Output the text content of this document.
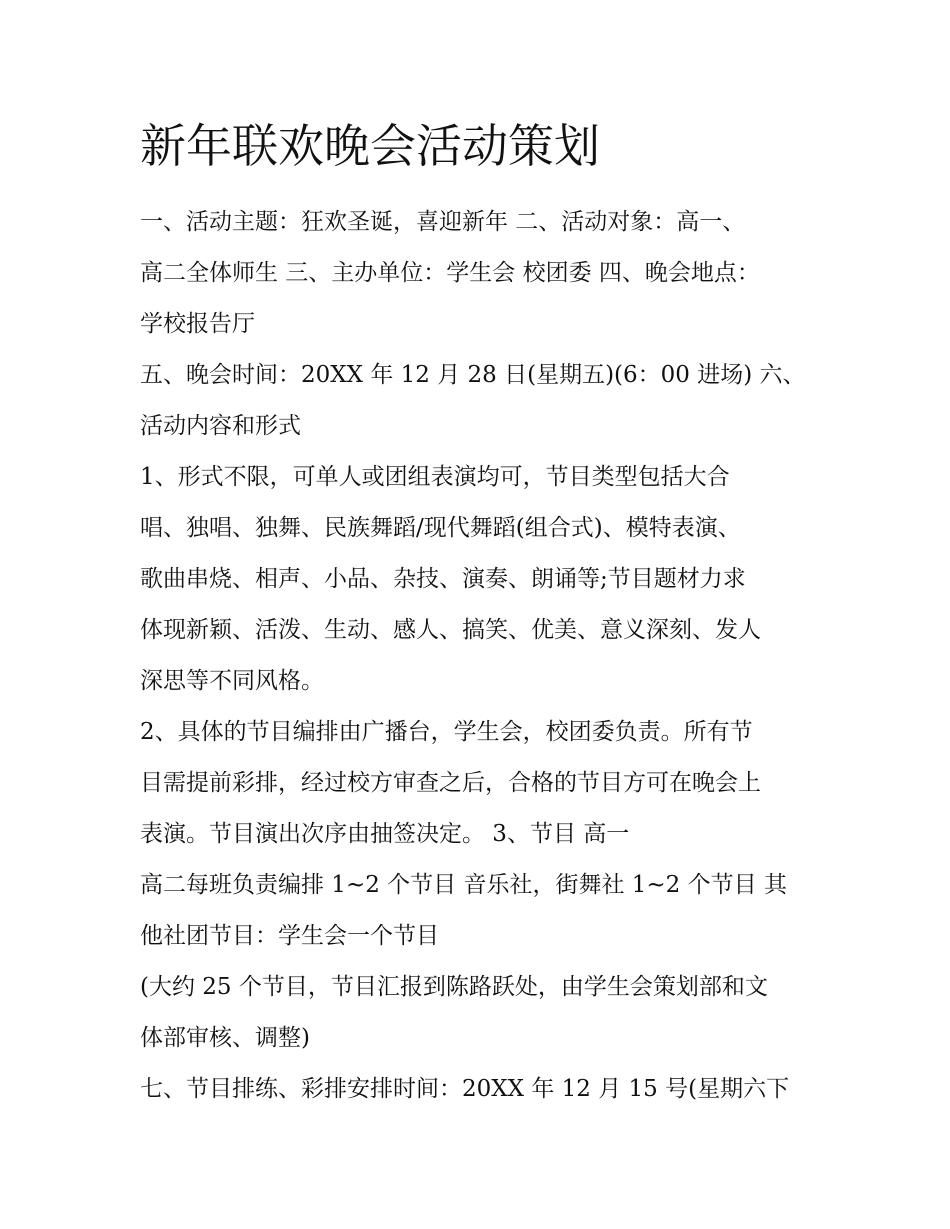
新年联欢晚会活动策划

一、活动主题：狂欢圣诞，喜迎新年 二、活动对象：高一、

高二全体师生 三、主办单位：学生会 校团委 四、晚会地点：

学校报告厅

五、晚会时间：20XX 年 12 月 28 日(星期五)(6：00 进场) 六、

活动内容和形式

1、形式不限，可单人或团组表演均可，节目类型包括大合

唱、独唱、独舞、民族舞蹈/现代舞蹈(组合式)、模特表演、

歌曲串烧、相声、小品、杂技、演奏、朗诵等;节目题材力求

体现新颖、活泼、生动、感人、搞笑、优美、意义深刻、发人

深思等不同风格。

2、具体的节目编排由广播台，学生会，校团委负责。所有节

目需提前彩排，经过校方审查之后，合格的节目方可在晚会上

表演。节目演出次序由抽签决定。 3、节目 高一

高二每班负责编排 1~2 个节目 音乐社，街舞社 1~2 个节目 其

他社团节目：学生会一个节目

(大约 25 个节目，节目汇报到陈路跃处，由学生会策划部和文

体部审核、调整)

七、节目排练、彩排安排时间：20XX 年 12 月 15 号(星期六下
